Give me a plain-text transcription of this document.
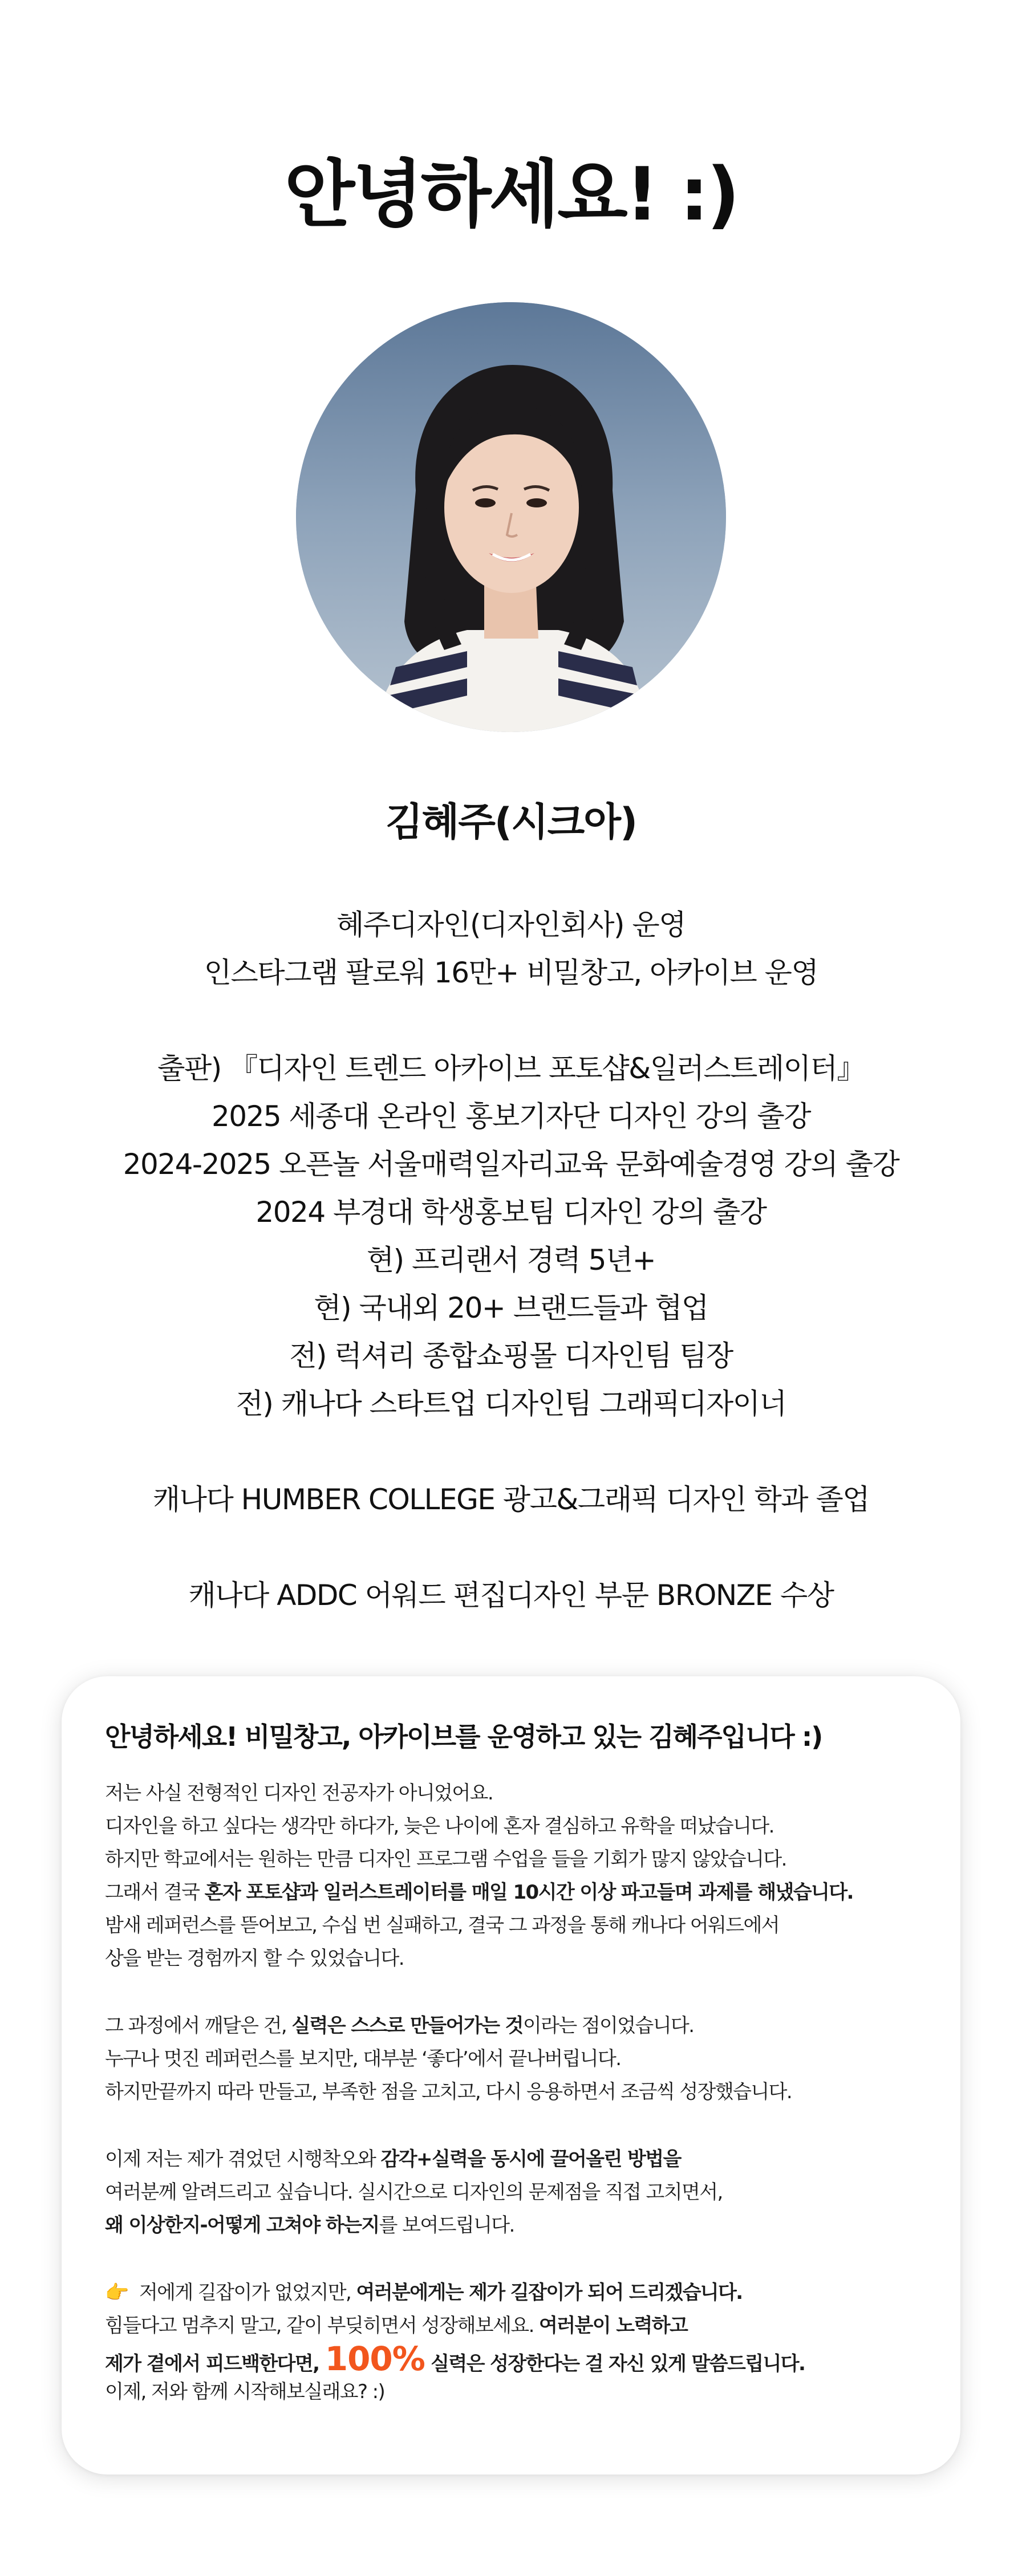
안녕하세요! :)
김혜주(시크아)
혜주디자인(디자인회사) 운영
인스타그램 팔로워 16만+ 비밀창고, 아카이브 운영
출판) 『디자인 트렌드 아카이브 포토샵&일러스트레이터』
2025 세종대 온라인 홍보기자단 디자인 강의 출강
2024-2025 오픈놀 서울매력일자리교육 문화예술경영 강의 출강
2024 부경대 학생홍보팀 디자인 강의 출강
현) 프리랜서 경력 5년+
현) 국내외 20+ 브랜드들과 협업
전) 럭셔리 종합쇼핑몰 디자인팀 팀장
전) 캐나다 스타트업 디자인팀 그래픽디자이너
캐나다 HUMBER COLLEGE 광고&그래픽 디자인 학과 졸업
캐나다 ADDC 어워드 편집디자인 부문 BRONZE 수상
안녕하세요! 비밀창고, 아카이브를 운영하고 있는 김혜주입니다 :)
저는 사실 전형적인 디자인 전공자가 아니었어요.
디자인을 하고 싶다는 생각만 하다가, 늦은 나이에 혼자 결심하고 유학을 떠났습니다.
하지만 학교에서는 원하는 만큼 디자인 프로그램 수업을 들을 기회가 많지 않았습니다.
그래서 결국 혼자 포토샵과 일러스트레이터를 매일 10시간 이상 파고들며 과제를 해냈습니다.
밤새 레퍼런스를 뜯어보고, 수십 번 실패하고, 결국 그 과정을 통해 캐나다 어워드에서
상을 받는 경험까지 할 수 있었습니다.
그 과정에서 깨달은 건, 실력은 스스로 만들어가는 것이라는 점이었습니다.
누구나 멋진 레퍼런스를 보지만, 대부분 ‘좋다’에서 끝나버립니다.
하지만끝까지 따라 만들고, 부족한 점을 고치고, 다시 응용하면서 조금씩 성장했습니다.
이제 저는 제가 겪었던 시행착오와 감각+실력을 동시에 끌어올린 방법을
여러분께 알려드리고 싶습니다. 실시간으로 디자인의 문제점을 직접 고치면서,
왜 이상한지-어떻게 고쳐야 하는지를 보여드립니다.
👉 저에게 길잡이가 없었지만, 여러분에게는 제가 길잡이가 되어 드리겠습니다.
힘들다고 멈추지 말고, 같이 부딪히면서 성장해보세요. 여러분이 노력하고
제가 곁에서 피드백한다면, 100% 실력은 성장한다는 걸 자신 있게 말씀드립니다.
이제, 저와 함께 시작해보실래요? :)
